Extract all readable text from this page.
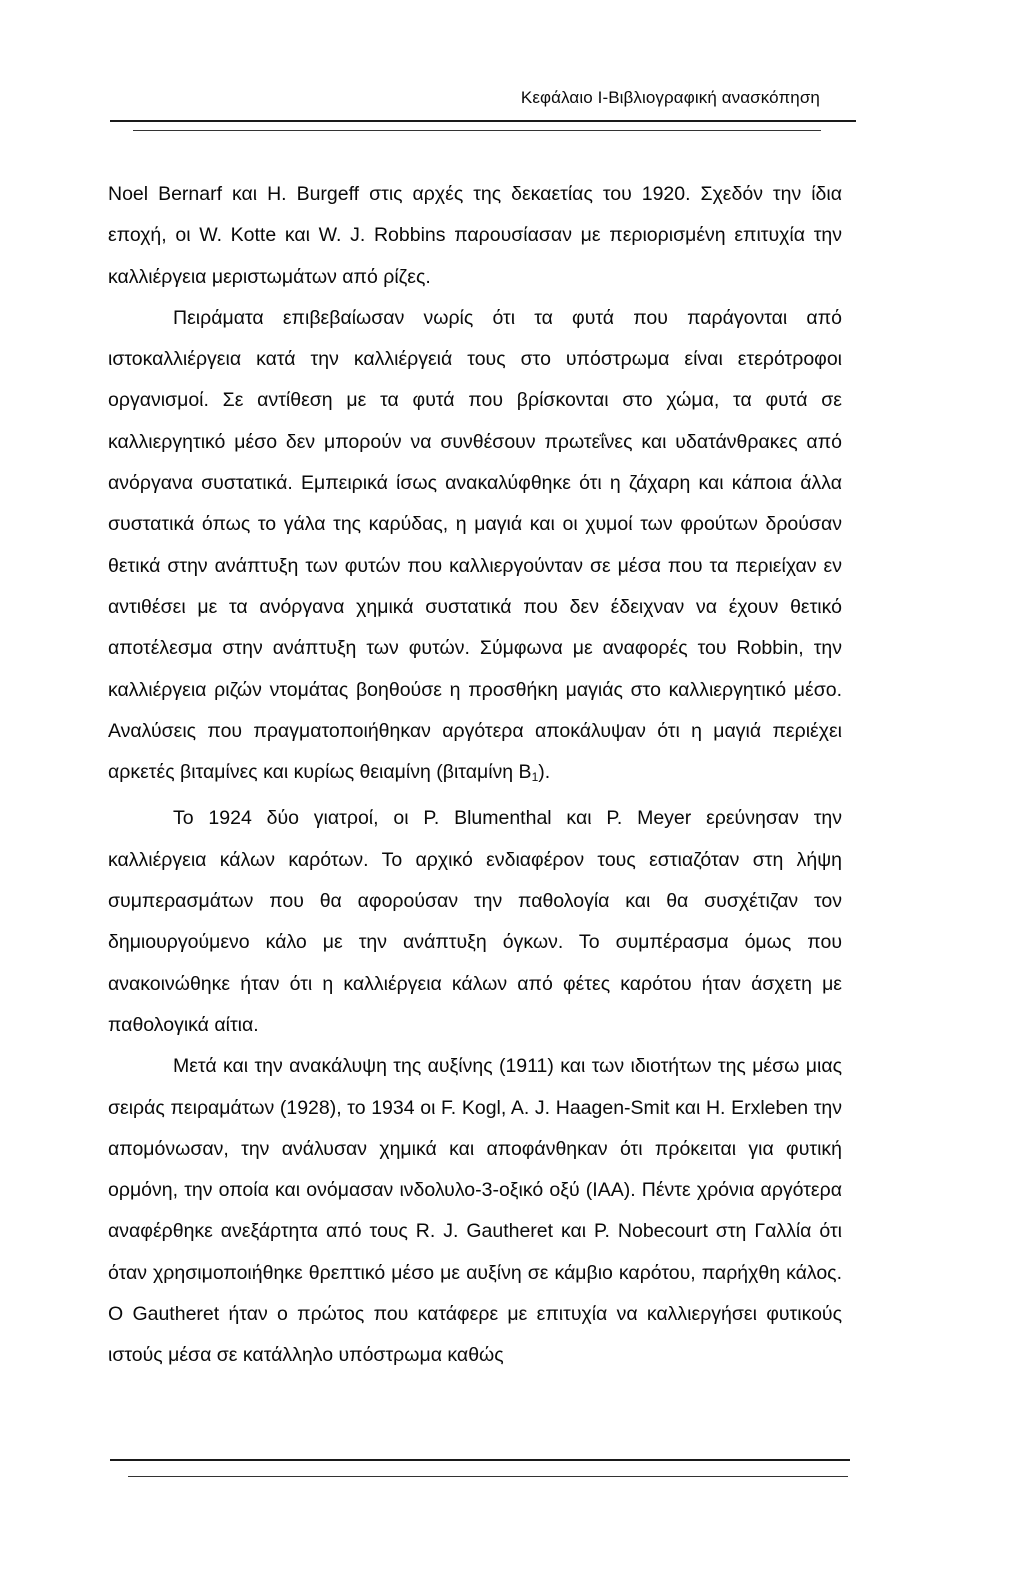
Κεφάλαιο Ι-Βιβλιογραφική ανασκόπηση

Noel Bernarf και H. Burgeff στις αρχές της δεκαετίας του 1920. Σχεδόν την ίδια εποχή, οι W. Kotte και W. J. Robbins παρουσίασαν με περιορισμένη επιτυχία την καλλιέργεια μεριστωμάτων από ρίζες.

Πειράματα επιβεβαίωσαν νωρίς ότι τα φυτά που παράγονται από ιστοκαλλιέργεια κατά την καλλιέργειά τους στο υπόστρωμα είναι ετερότροφοι οργανισμοί. Σε αντίθεση με τα φυτά που βρίσκονται στο χώμα, τα φυτά σε καλλιεργητικό μέσο δεν μπορούν να συνθέσουν πρωτεΐνες και υδατάνθρακες από ανόργανα συστατικά. Εμπειρικά ίσως ανακαλύφθηκε ότι η ζάχαρη και κάποια άλλα συστατικά όπως το γάλα της καρύδας, η μαγιά και οι χυμοί των φρούτων δρούσαν θετικά στην ανάπτυξη των φυτών που καλλιεργούνταν σε μέσα που τα περιείχαν εν αντιθέσει με τα ανόργανα χημικά συστατικά που δεν έδειχναν να έχουν θετικό αποτέλεσμα στην ανάπτυξη των φυτών. Σύμφωνα με αναφορές του Robbin, την καλλιέργεια ριζών ντομάτας βοηθούσε η προσθήκη μαγιάς στο καλλιεργητικό μέσο. Αναλύσεις που πραγματοποιήθηκαν αργότερα αποκάλυψαν ότι η μαγιά περιέχει αρκετές βιταμίνες και κυρίως θειαμίνη (βιταμίνη $B_1$).

Το 1924 δύο γιατροί, οι P. Blumenthal και P. Meyer ερεύνησαν την καλλιέργεια κάλων καρότων. Το αρχικό ενδιαφέρον τους εστιαζόταν στη λήψη συμπερασμάτων που θα αφορούσαν την παθολογία και θα συσχέτιζαν τον δημιουργούμενο κάλο με την ανάπτυξη όγκων. Το συμπέρασμα όμως που ανακοινώθηκε ήταν ότι η καλλιέργεια κάλων από φέτες καρότου ήταν άσχετη με παθολογικά αίτια.

Μετά και την ανακάλυψη της αυξίνης (1911) και των ιδιοτήτων της μέσω μιας σειράς πειραμάτων (1928), το 1934 οι F. Kogl, A. J. Haagen-Smit και H. Erxleben την απομόνωσαν, την ανάλυσαν χημικά και αποφάνθηκαν ότι πρόκειται για φυτική ορμόνη, την οποία και ονόμασαν ινδολυλο-3-οξικό οξύ (IAA). Πέντε χρόνια αργότερα αναφέρθηκε ανεξάρτητα από τους R. J. Gautheret και P. Nobecourt στη Γαλλία ότι όταν χρησιμοποιήθηκε θρεπτικό μέσο με αυξίνη σε κάμβιο καρότου, παρήχθη κάλος. Ο Gautheret ήταν ο πρώτος που κατάφερε με επιτυχία να καλλιεργήσει φυτικούς ιστούς μέσα σε κατάλληλο υπόστρωμα καθώς
